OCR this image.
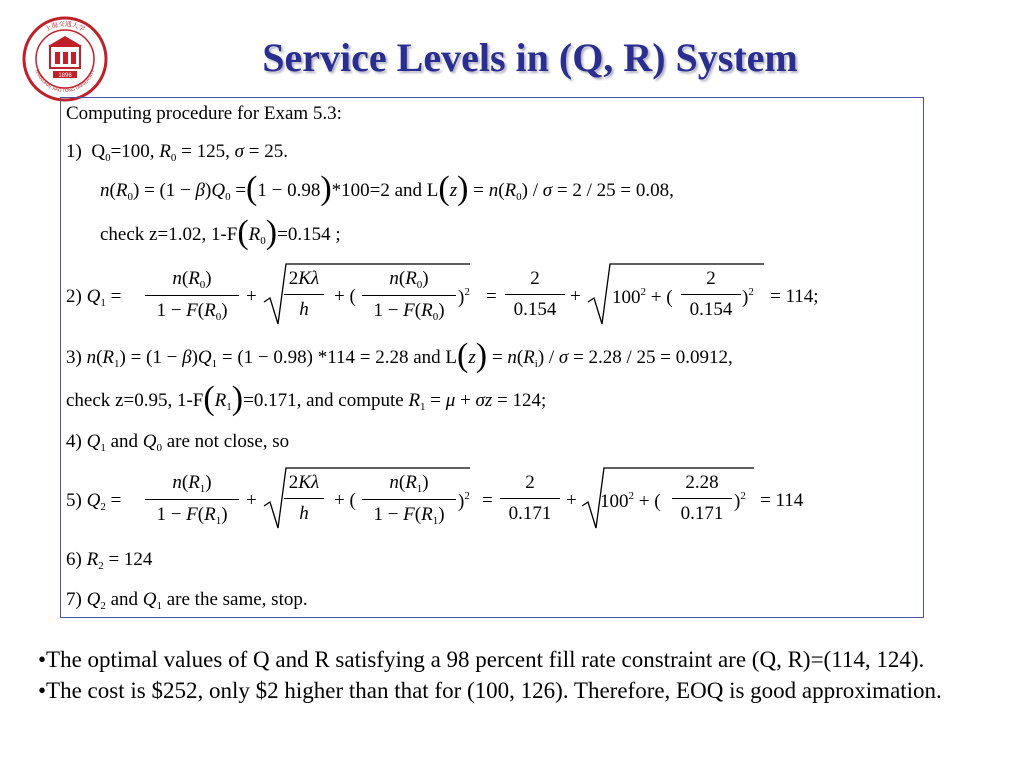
1896
上海交通大学
SHANGHAI JIAO TONG UNIVERSITY	Service Levels in (Q, R) System
Computing procedure for Exam 5.3:
1)  $Q_0=100$, $R_0 = 125$, σ = 25.
$n(R_0) = (1 - \beta)Q_0 =(1 - 0.98)*100=2$ and $L(z) = n(R_0) / \sigma = 2 / 25 = 0.08$,
check z=1.02, $1-F(R_0)=0.154$ ;
2) $Q_1 = \frac{n(R_0)}{1 - F(R_0)} + \frac{2K\lambda}{h}$ + ( $\frac{n(R_0)}{1 - F(R_0)} )^2 = \frac{2}{0.154} + 100^2$ + ( $\frac{2}{0.154} )^2 = 114$;
3) $n(R_1) = (1 - \beta)Q_1 = (1 - 0.98) *114 = 2.28$ and $L(z) = n(R_i) / \sigma = 2.28 / 25 = 0.0912$,
check z=0.95, $1-F(R_1)=0.171$, and compute $R_1 = \mu + \sigma z = 124$;
4) $Q_1$ and $Q_0$ are not close, so
5) $Q_2 = \frac{n(R_1)}{1 - F(R_1)} + \frac{2K\lambda}{h}$ + ( $\frac{n(R_1)}{1 - F(R_1)} )^2 = \frac{2}{0.171} + 100^2$ + ( $\frac{2.28}{0.171} )^2 = 114$
6) $R_2 = 124$
7) $Q_2$ and $Q_1$ are the same, stop.

•The optimal values of Q and R satisfying a 98 percent fill rate constraint are (Q, R)=(114, 124).

•The cost is $252, only $2 higher than that for (100, 126). Therefore, EOQ is good approximation.
